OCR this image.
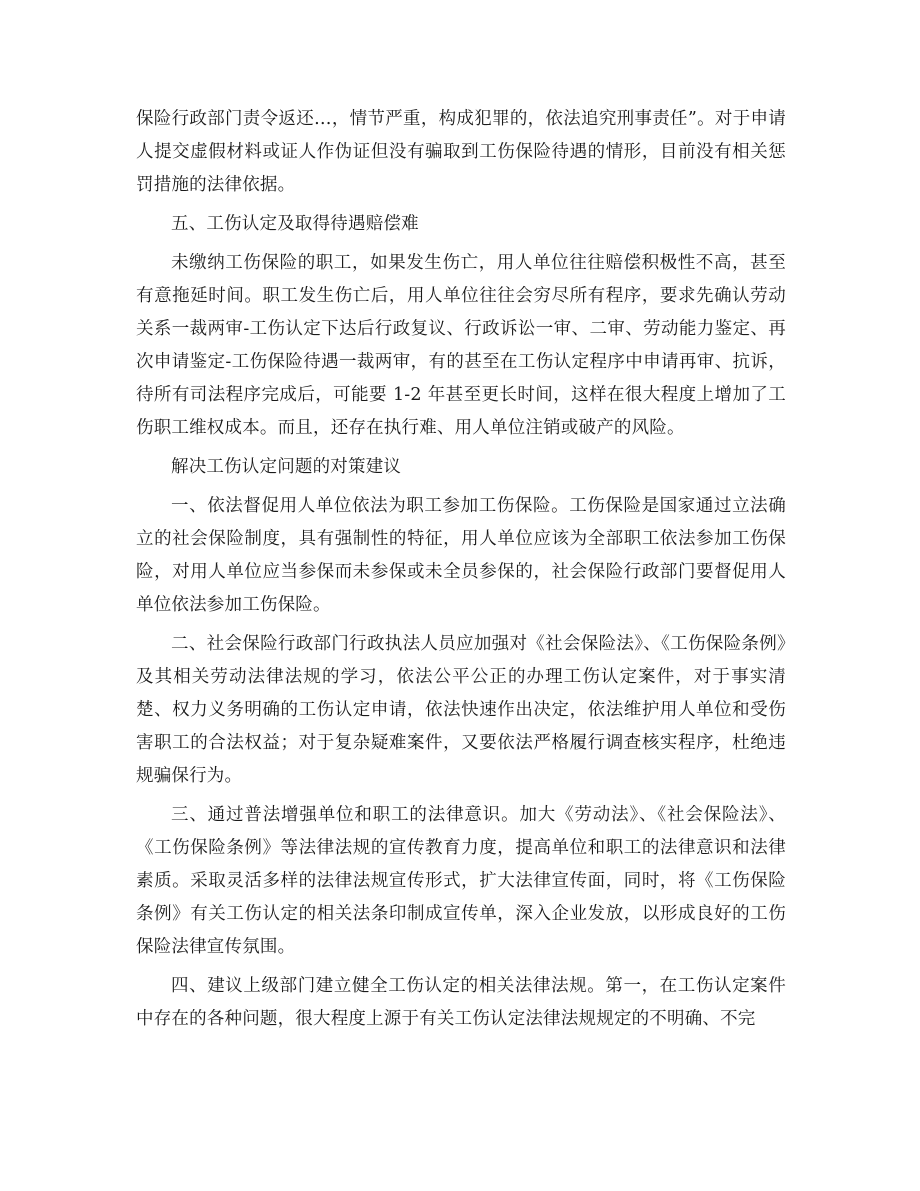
保险行政部门责令返还…，情节严重，构成犯罪的，依法追究刑事责任”。对于申请人提交虚假材料或证人作伪证但没有骗取到工伤保险待遇的情形，目前没有相关惩罚措施的法律依据。

五、工伤认定及取得待遇赔偿难

未缴纳工伤保险的职工，如果发生伤亡，用人单位往往赔偿积极性不高，甚至有意拖延时间。职工发生伤亡后，用人单位往往会穷尽所有程序，要求先确认劳动关系一裁两审-工伤认定下达后行政复议、行政诉讼一审、二审、劳动能力鉴定、再次申请鉴定-工伤保险待遇一裁两审，有的甚至在工伤认定程序中申请再审、抗诉，待所有司法程序完成后，可能要 1-2 年甚至更长时间，这样在很大程度上增加了工伤职工维权成本。而且，还存在执行难、用人单位注销或破产的风险。

解决工伤认定问题的对策建议

一、依法督促用人单位依法为职工参加工伤保险。工伤保险是国家通过立法确立的社会保险制度，具有强制性的特征，用人单位应该为全部职工依法参加工伤保险，对用人单位应当参保而未参保或未全员参保的，社会保险行政部门要督促用人单位依法参加工伤保险。

二、社会保险行政部门行政执法人员应加强对《社会保险法》、《工伤保险条例》及其相关劳动法律法规的学习，依法公平公正的办理工伤认定案件，对于事实清楚、权力义务明确的工伤认定申请，依法快速作出决定，依法维护用人单位和受伤害职工的合法权益；对于复杂疑难案件，又要依法严格履行调查核实程序，杜绝违规骗保行为。

三、通过普法增强单位和职工的法律意识。加大《劳动法》、《社会保险法》、《工伤保险条例》等法律法规的宣传教育力度，提高单位和职工的法律意识和法律素质。采取灵活多样的法律法规宣传形式，扩大法律宣传面，同时，将《工伤保险条例》有关工伤认定的相关法条印制成宣传单，深入企业发放，以形成良好的工伤保险法律宣传氛围。

四、建议上级部门建立健全工伤认定的相关法律法规。第一，在工伤认定案件中存在的各种问题，很大程度上源于有关工伤认定法律法规规定的不明确、不完
